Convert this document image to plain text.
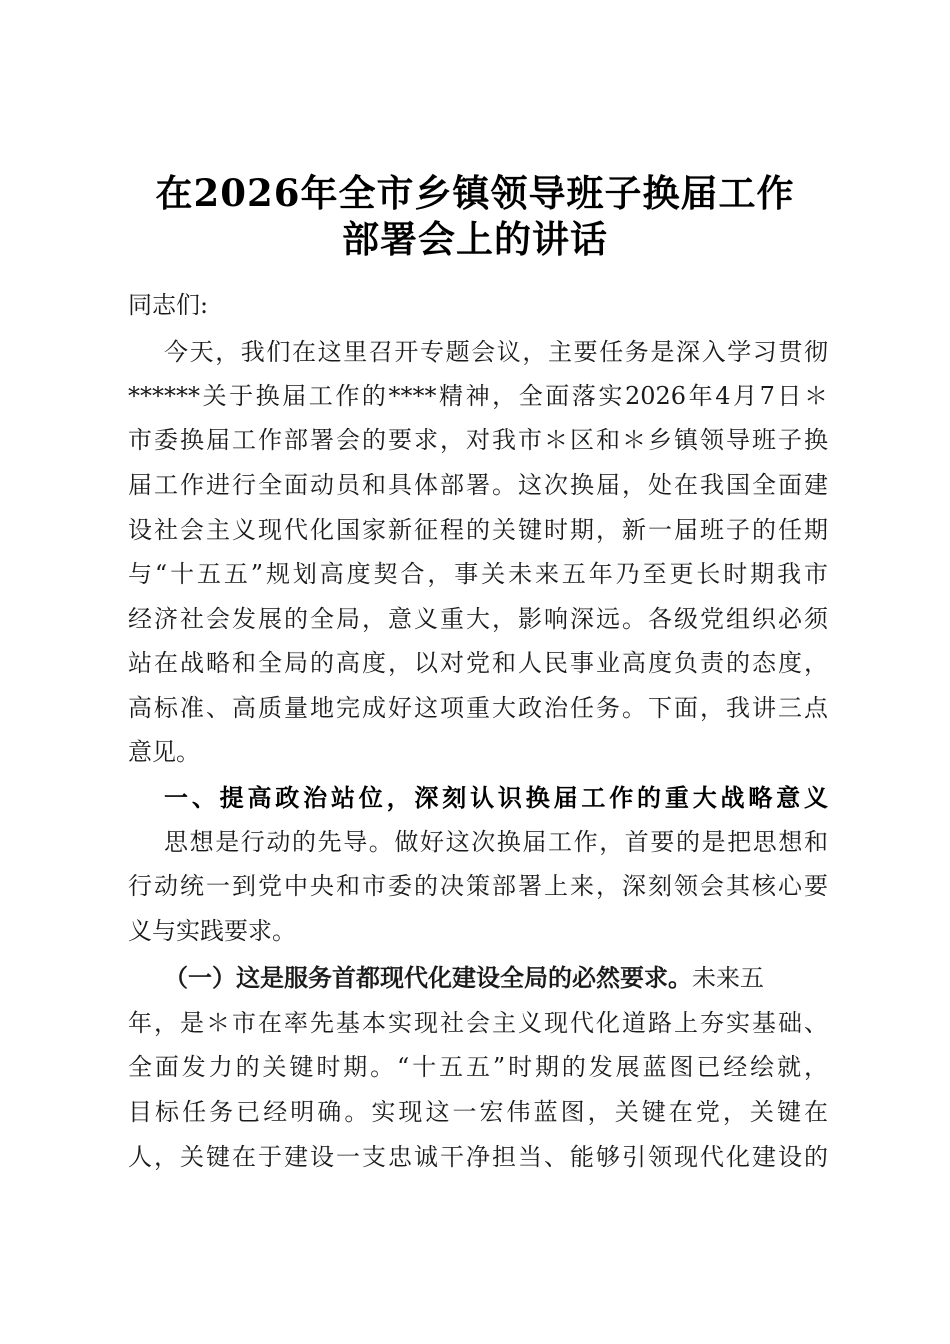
在2026年全市乡镇领导班子换届工作
部署会上的讲话
同志们:
今天，我们在这里召开专题会议，主要任务是深入学习贯彻
******关于换届工作的****精神，全面落实2026年4月7日＊
市委换届工作部署会的要求，对我市＊区和＊乡镇领导班子换
届工作进行全面动员和具体部署。这次换届，处在我国全面建
设社会主义现代化国家新征程的关键时期，新一届班子的任期
与“十五五”规划高度契合，事关未来五年乃至更长时期我市
经济社会发展的全局，意义重大，影响深远。各级党组织必须
站在战略和全局的高度，以对党和人民事业高度负责的态度，
高标准、高质量地完成好这项重大政治任务。下面，我讲三点
意见。
一、提高政治站位，深刻认识换届工作的重大战略意义
思想是行动的先导。做好这次换届工作，首要的是把思想和
行动统一到党中央和市委的决策部署上来，深刻领会其核心要
义与实践要求。
（一）这是服务首都现代化建设全局的必然要求。未来五
年，是＊市在率先基本实现社会主义现代化道路上夯实基础、
全面发力的关键时期。“十五五”时期的发展蓝图已经绘就，
目标任务已经明确。实现这一宏伟蓝图，关键在党，关键在
人，关键在于建设一支忠诚干净担当、能够引领现代化建设的
